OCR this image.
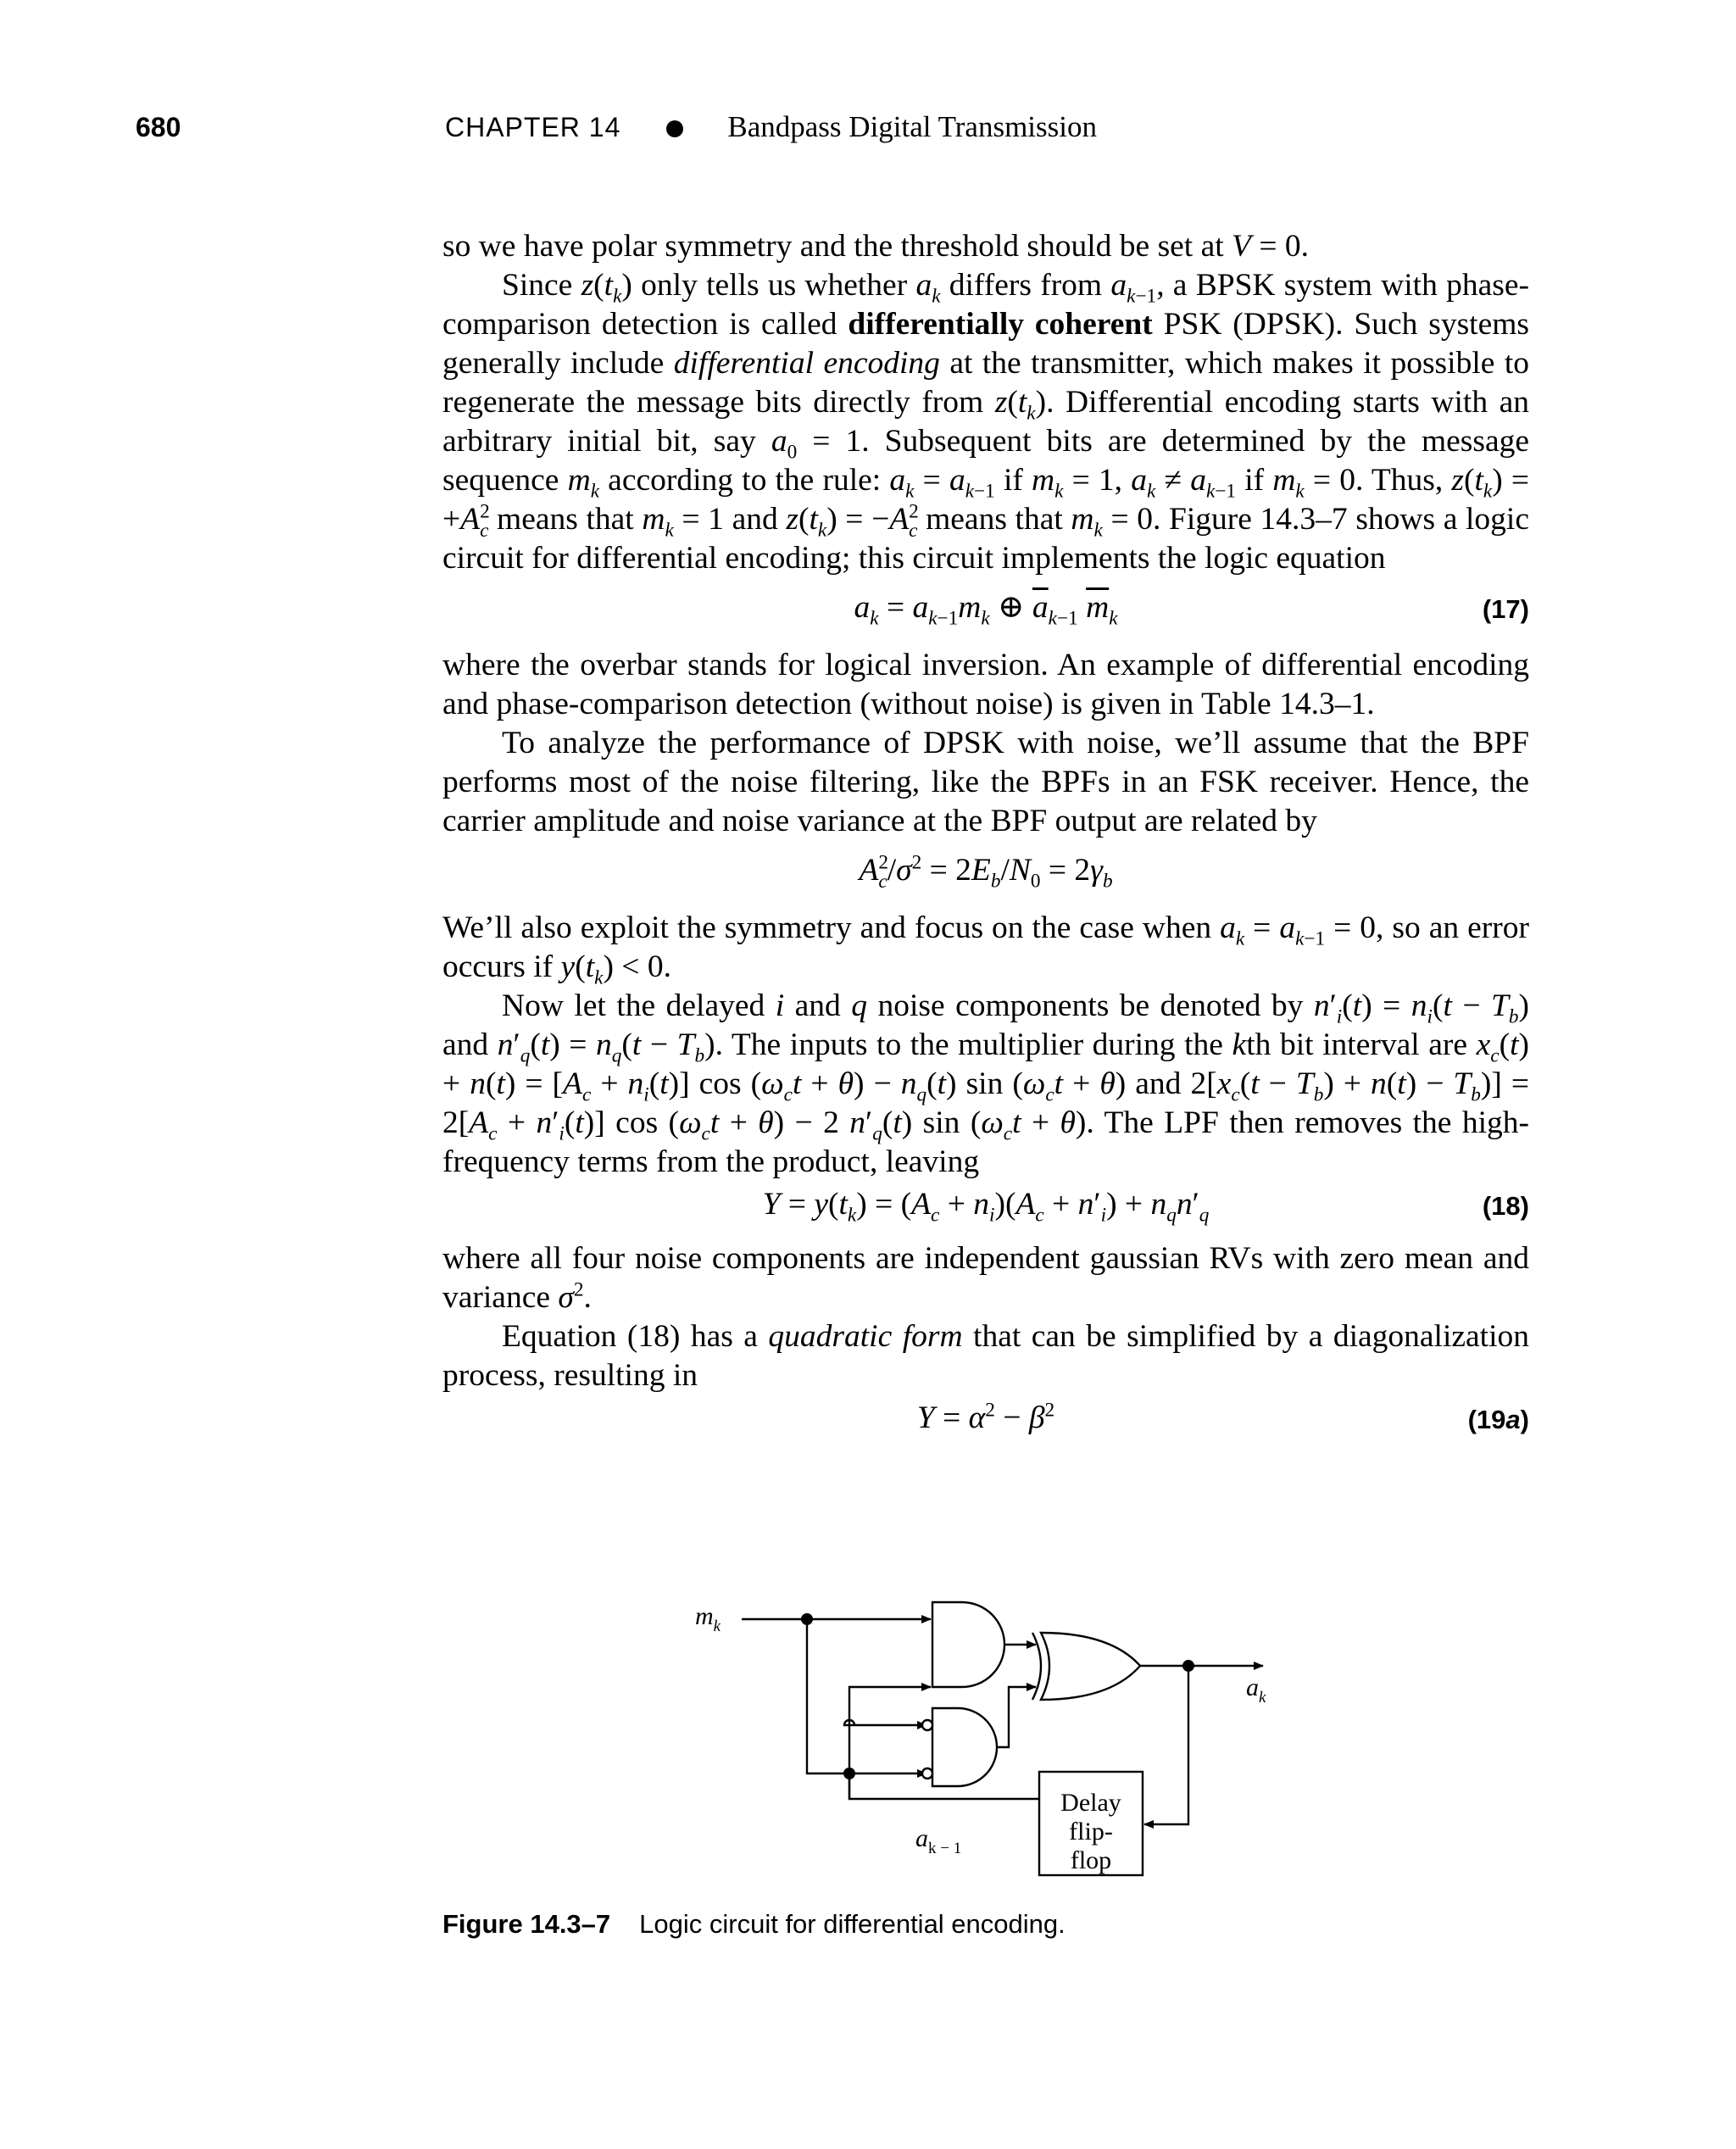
680	CHAPTER 14	Bandpass Digital Transmission

so we have polar symmetry and the threshold should be set at V = 0.

Since $z(t_k)$ only tells us whether $a_k$ differs from $a_{k-1}$, a BPSK system with phase-comparison detection is called differentially coherent PSK (DPSK). Such systems generally include differential encoding at the transmitter, which makes it possible to regenerate the message bits directly from $z(t_k)$. Differential encoding starts with an arbitrary initial bit, say $a_0 = 1$. Subsequent bits are determined by the message sequence $m_k$ according to the rule: $a_k = a_{k-1}$ if $m_k = 1$, $a_k \ne a_{k-1}$ if $m_k = 0$. Thus, $z(t_k) = +A^2_c$ means that $m_k = 1$ and $z(t_k) = -A^2_c$ means that $m_k = 0$. Figure 14.3–7 shows a logic circuit for differential encoding; this circuit implements the logic equation

$a_k = a_{k-1}m_k$ ⊕ $\overline{a}_{k-1}$ $\overline{m}_k$	(17)

where the overbar stands for logical inversion. An example of differential encoding and phase-comparison detection (without noise) is given in Table 14.3–1.

To analyze the performance of DPSK with noise, we’ll assume that the BPF performs most of the noise filtering, like the BPFs in an FSK receiver. Hence, the carrier amplitude and noise variance at the BPF output are related by

$A^2_c/\sigma^2 = 2E_b/N_0 = 2\gamma_b$

We’ll also exploit the symmetry and focus on the case when $a_k = a_{k-1} = 0$, so an error occurs if $y(t_k) < 0$.

Now let the delayed i and q noise components be denoted by $n'_i(t) = n_i(t - T_b)$ and $n'_q(t) = n_q(t - T_b)$. The inputs to the multiplier during the kth bit interval are $x_c(t) + n(t) = [A_c + n_i(t)]$ $\cos (\omega_ct + \theta) - n_q(t)$ $\sin (\omega_ct + \theta)$ and $2[x_c(t - T_b) + n(t) - T_b)] = 2[A_c + n'_i(t)]$ $\cos (\omega_ct + \theta) - 2$ $n'_q(t)$ $\sin (\omega_ct + \theta)$. The LPF then removes the high-frequency terms from the product, leaving

$Y = y(t_k) = (A_c + n_i)(A_c + n'_i) + n_qn'_q$	(18)

where all four noise components are independent gaussian RVs with zero mean and variance $\sigma^2$.

Equation (18) has a quadratic form that can be simplified by a diagonalization process, resulting in

$Y = \alpha^2 - \beta^2$	(19a)
$m_k$
$a_k$
$a_{k - 1}$
Delay
flip-
flop
Figure 14.3–7 Logic circuit for differential encoding.
